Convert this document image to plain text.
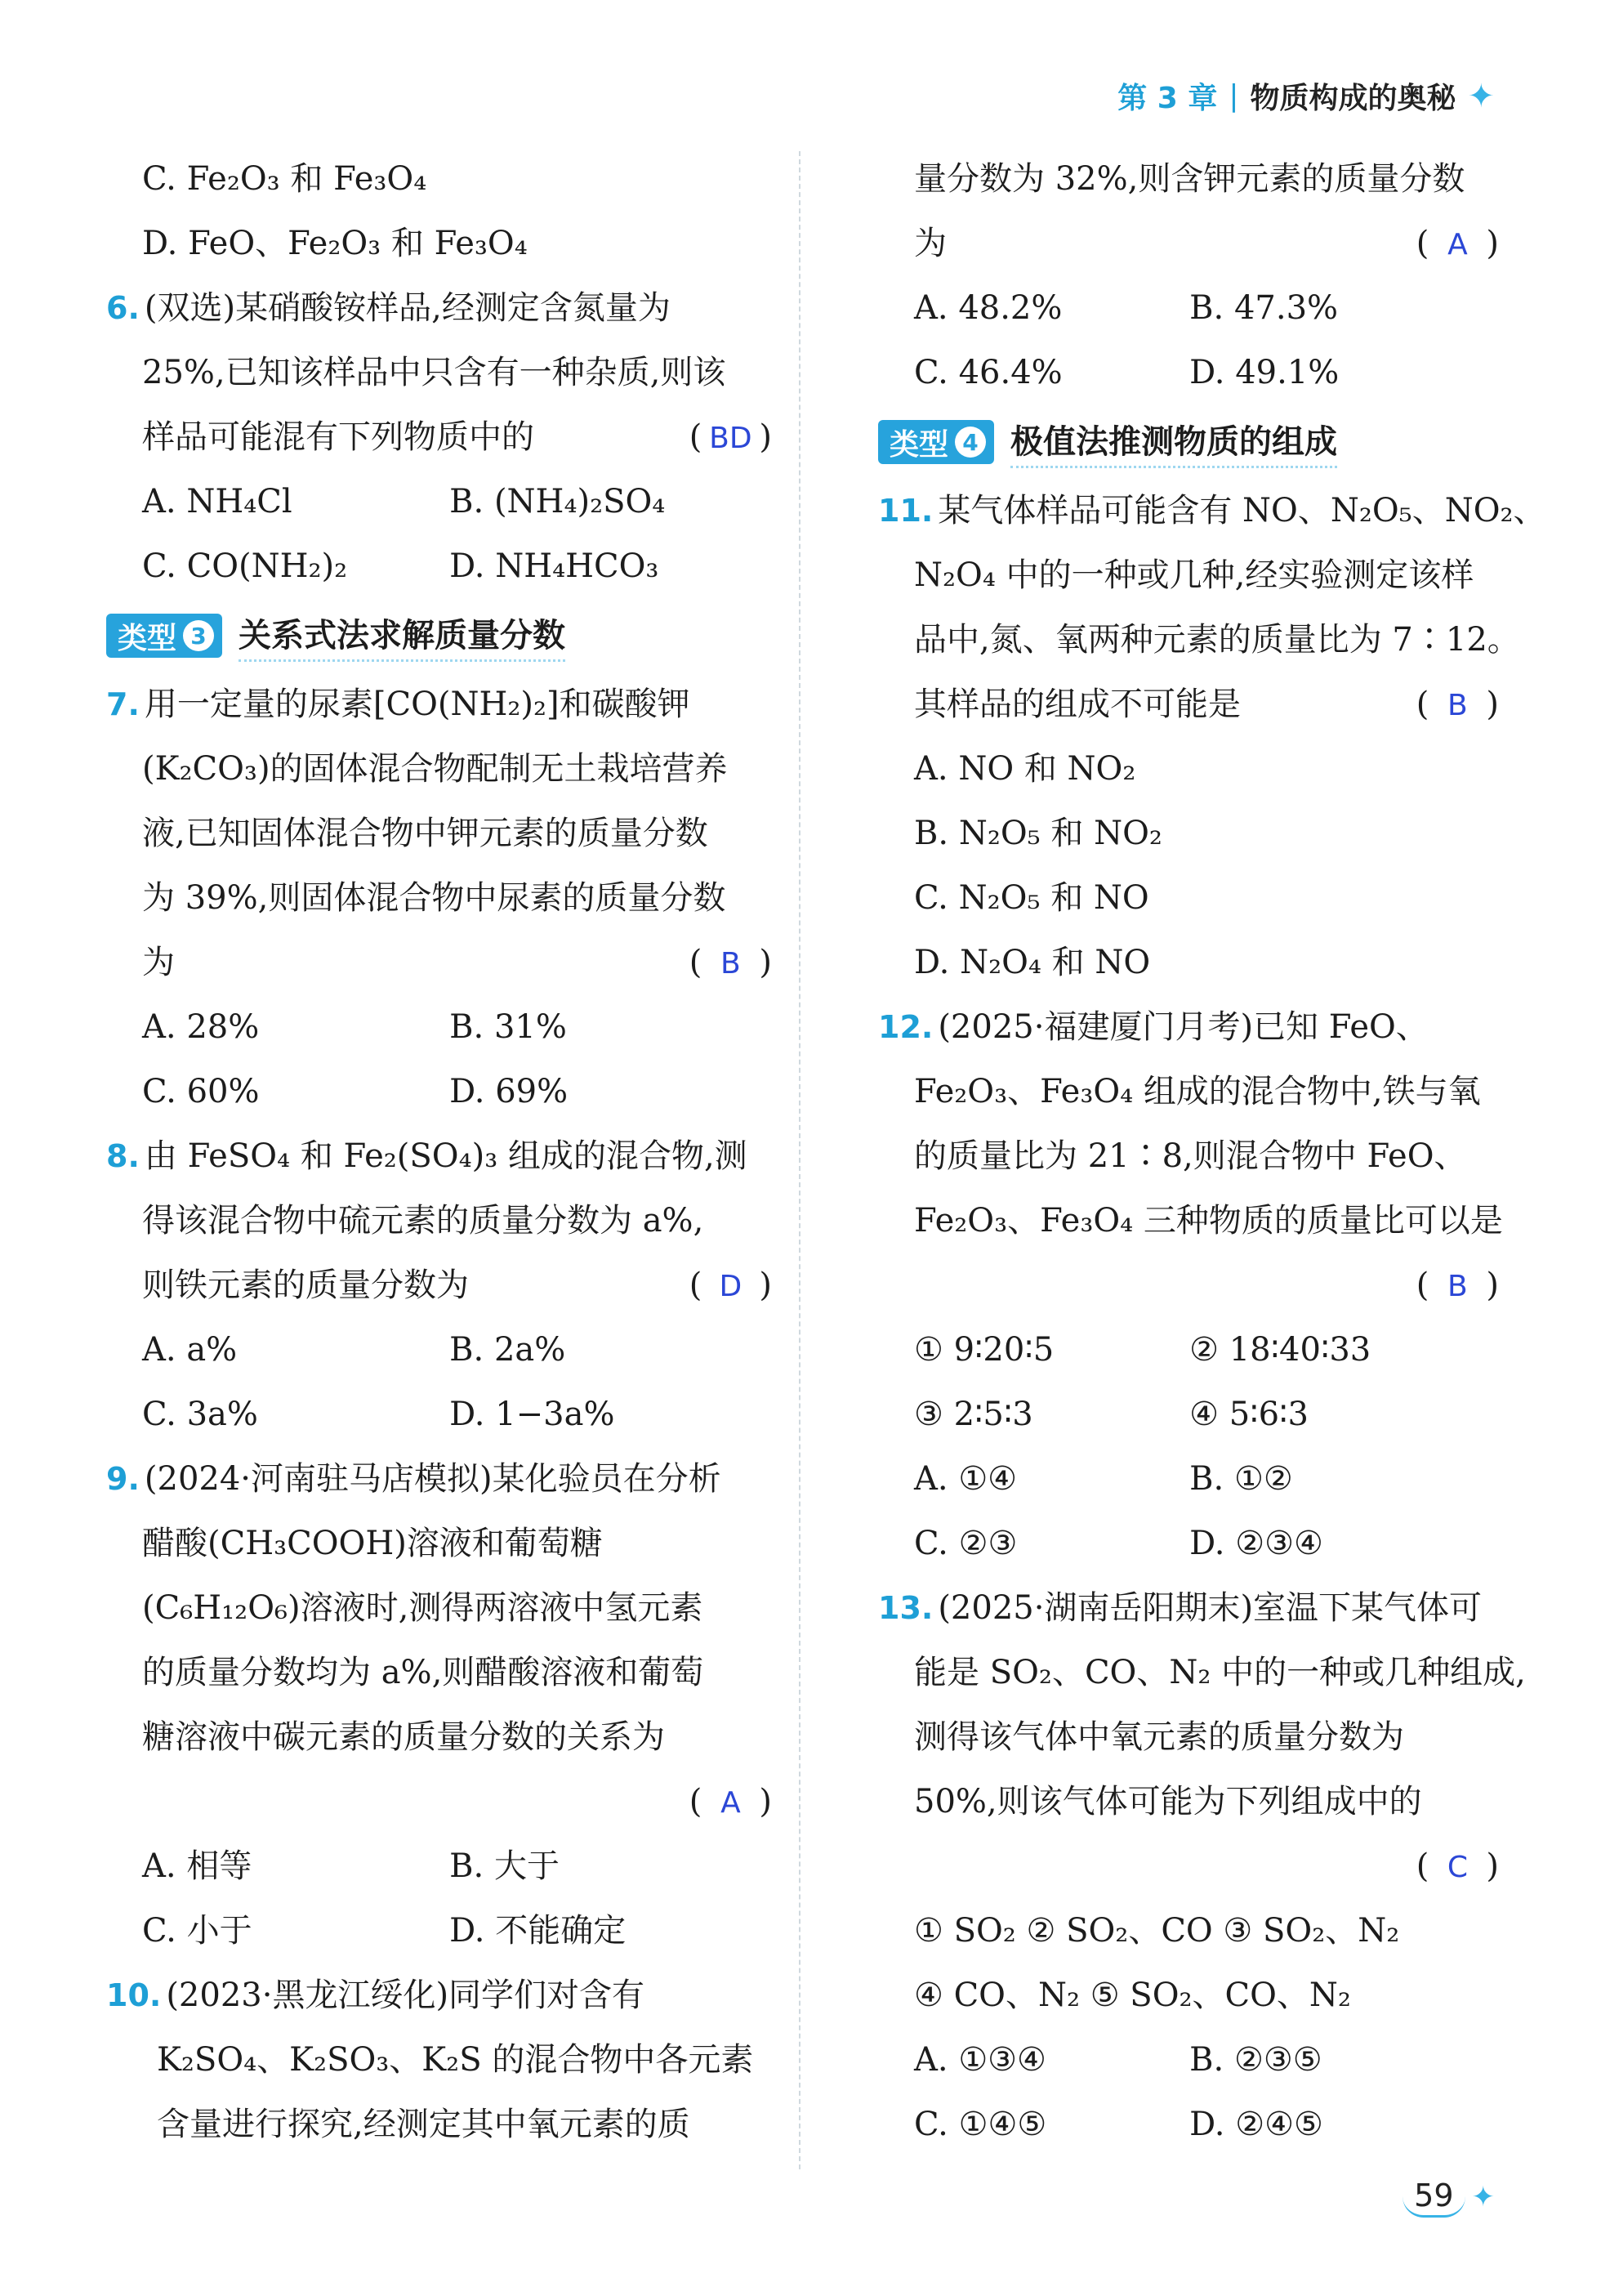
第 3 章 | 物质构成的奥秘 ✦
C. Fe₂O₃ 和 Fe₃O₄
D. FeO、Fe₂O₃ 和 Fe₃O₄
6. (双选)某硝酸铵样品,经测定含氮量为
25%,已知该样品中只含有一种杂质,则该
样品可能混有下列物质中的	( BD )
A. NH₄Cl	B. (NH₄)₂SO₄
C. CO(NH₂)₂	D. NH₄HCO₃
类型 3 关系式法求解质量分数
7. 用一定量的尿素[CO(NH₂)₂]和碳酸钾
(K₂CO₃)的固体混合物配制无土栽培营养
液,已知固体混合物中钾元素的质量分数
为 39%,则固体混合物中尿素的质量分数
为	( B )
A. 28%	B. 31%
C. 60%	D. 69%
8. 由 FeSO₄ 和 Fe₂(SO₄)₃ 组成的混合物,测
得该混合物中硫元素的质量分数为 a%,
则铁元素的质量分数为	( D )
A. a%	B. 2a%
C. 3a%	D. 1−3a%
9. (2024·河南驻马店模拟)某化验员在分析
醋酸(CH₃COOH)溶液和葡萄糖
(C₆H₁₂O₆)溶液时,测得两溶液中氢元素
的质量分数均为 a%,则醋酸溶液和葡萄
糖溶液中碳元素的质量分数的关系为
( A )
A. 相等	B. 大于
C. 小于	D. 不能确定
10. (2023·黑龙江绥化)同学们对含有
K₂SO₄、K₂SO₃、K₂S 的混合物中各元素
含量进行探究,经测定其中氧元素的质
量分数为 32%,则含钾元素的质量分数
为	( A )
A. 48.2%	B. 47.3%
C. 46.4%	D. 49.1%
类型 4 极值法推测物质的组成
11. 某气体样品可能含有 NO、N₂O₅、NO₂、
N₂O₄ 中的一种或几种,经实验测定该样
品中,氮、氧两种元素的质量比为 7∶12。
其样品的组成不可能是	( B )
A. NO 和 NO₂
B. N₂O₅ 和 NO₂
C. N₂O₅ 和 NO
D. N₂O₄ 和 NO
12. (2025·福建厦门月考)已知 FeO、
Fe₂O₃、Fe₃O₄ 组成的混合物中,铁与氧
的质量比为 21∶8,则混合物中 FeO、
Fe₂O₃、Fe₃O₄ 三种物质的质量比可以是
( B )
① 9∶20∶5	② 18∶40∶33
③ 2∶5∶3	④ 5∶6∶3
A. ①④	B. ①②
C. ②③	D. ②③④
13. (2025·湖南岳阳期末)室温下某气体可
能是 SO₂、CO、N₂ 中的一种或几种组成,
测得该气体中氧元素的质量分数为
50%,则该气体可能为下列组成中的
( C )
① SO₂ ② SO₂、CO ③ SO₂、N₂
④ CO、N₂ ⑤ SO₂、CO、N₂
A. ①③④	B. ②③⑤
C. ①④⑤	D. ②④⑤
59 ✦
